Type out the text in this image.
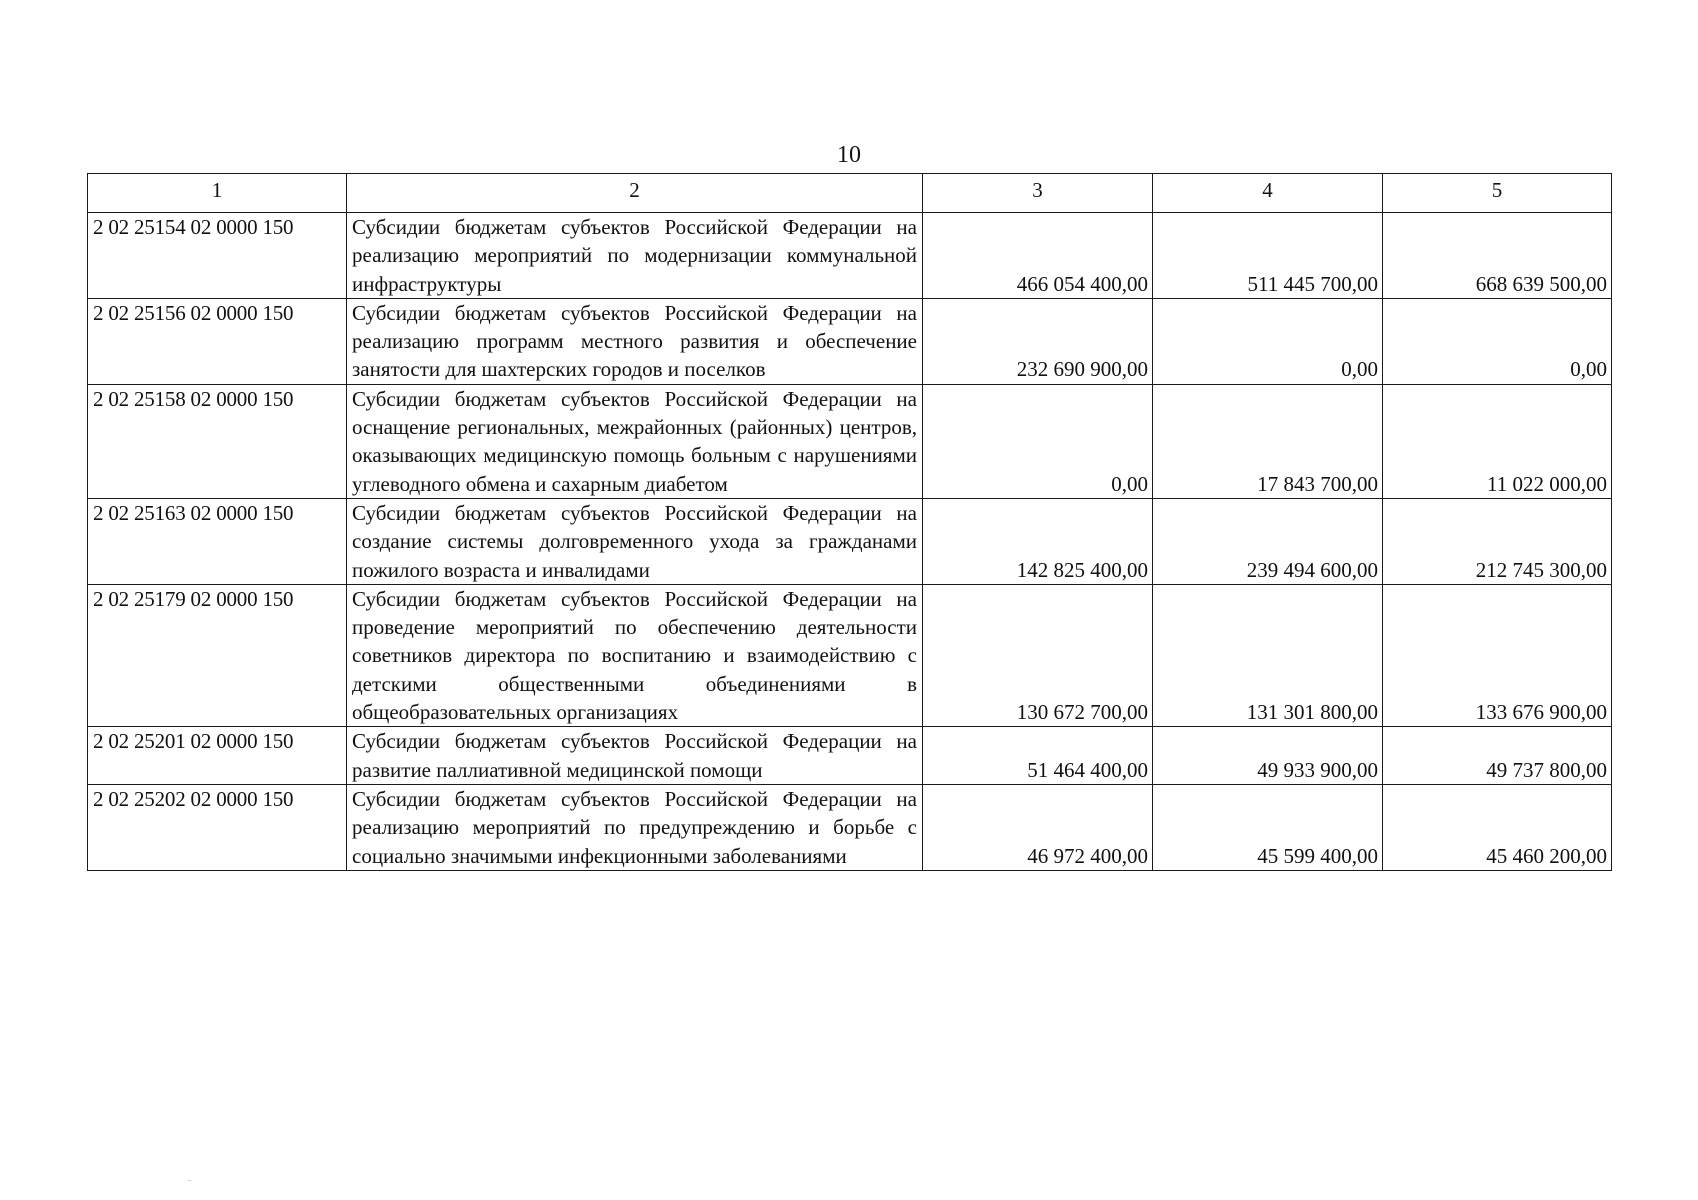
10
1	2	3	4	5
2 02 25154 02 0000 150	Субсидии бюджетам субъектов Российской Федерации на реализацию мероприятий по модернизации коммунальной инфраструктуры	466 054 400,00	511 445 700,00	668 639 500,00
2 02 25156 02 0000 150	Субсидии бюджетам субъектов Российской Федерации на реализацию программ местного развития и обеспечение занятости для шахтерских городов и поселков	232 690 900,00	0,00	0,00
2 02 25158 02 0000 150	Субсидии бюджетам субъектов Российской Федерации на оснащение региональных, межрайонных (районных) центров, оказывающих медицинскую помощь больным с нарушениями углеводного обмена и сахарным диабетом	0,00	17 843 700,00	11 022 000,00
2 02 25163 02 0000 150	Субсидии бюджетам субъектов Российской Федерации на создание системы долговременного ухода за гражданами пожилого возраста и инвалидами	142 825 400,00	239 494 600,00	212 745 300,00
2 02 25179 02 0000 150	Субсидии бюджетам субъектов Российской Федерации на проведение мероприятий по обеспечению деятельности советников директора по воспитанию и взаимодействию с детскими общественными объединениями в общеобразовательных организациях	130 672 700,00	131 301 800,00	133 676 900,00
2 02 25201 02 0000 150	Субсидии бюджетам субъектов Российской Федерации на развитие паллиативной медицинской помощи	51 464 400,00	49 933 900,00	49 737 800,00
2 02 25202 02 0000 150	Субсидии бюджетам субъектов Российской Федерации на реализацию мероприятий по предупреждению и борьбе с социально значимыми инфекционными заболеваниями	46 972 400,00	45 599 400,00	45 460 200,00
